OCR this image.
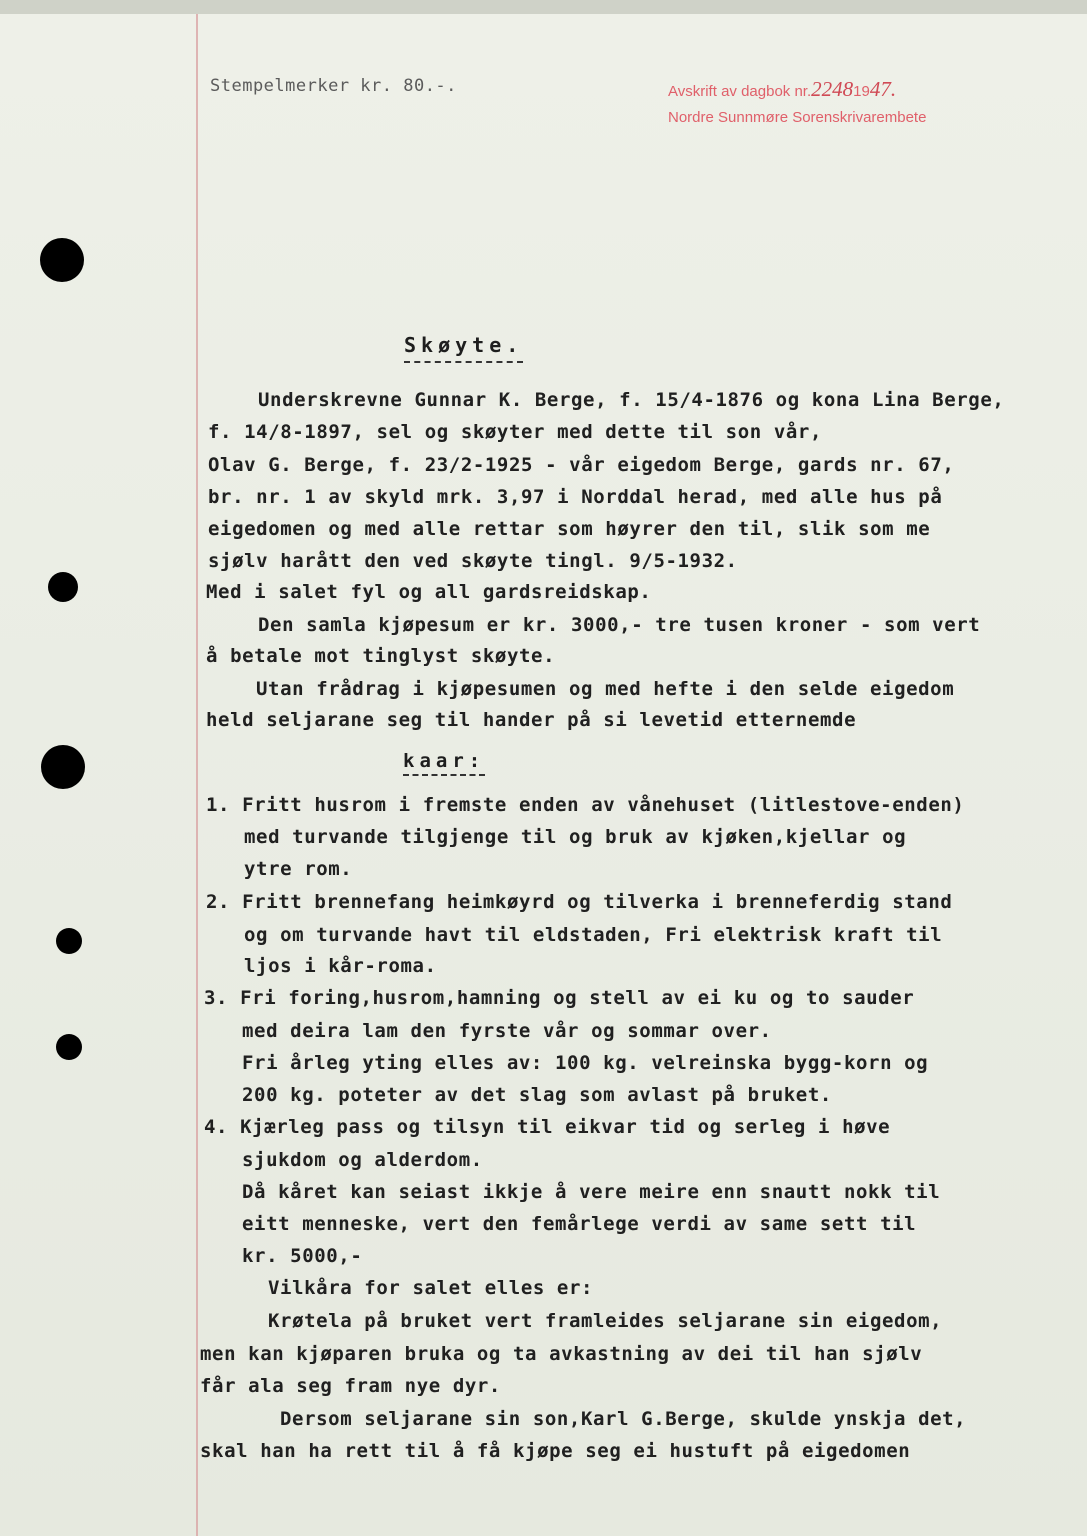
Stempelmerker kr. 80.-.	Avskrift av dagbok nr.22481947.
Nordre Sunnmøre Sorenskrivarembete
Skøyte.
Underskrevne Gunnar K. Berge, f. 15/4-1876 og kona Lina Berge,
f. 14/8-1897, sel og skøyter med dette til son vår,
Olav G. Berge, f. 23/2-1925 - vår eigedom Berge, gards nr. 67,
br. nr. 1 av skyld mrk. 3,97 i Norddal herad, med alle hus på
eigedomen og med alle rettar som høyrer den til, slik som me
sjølv harått den ved skøyte tingl. 9/5-1932.
Med i salet fyl og all gardsreidskap.
Den samla kjøpesum er kr. 3000,- tre tusen kroner - som vert
å betale mot tinglyst skøyte.
Utan frådrag i kjøpesumen og med hefte i den selde eigedom
held seljarane seg til hander på si levetid etternemde
kaar:
1. Fritt husrom i fremste enden av vånehuset (litlestove-enden)
med turvande tilgjenge til og bruk av kjøken,kjellar og
ytre rom.
2. Fritt brennefang heimkøyrd og tilverka i brenneferdig stand
og om turvande havt til eldstaden, Fri elektrisk kraft til
ljos i kår-roma.
3. Fri foring,husrom,hamning og stell av ei ku og to sauder
med deira lam den fyrste vår og sommar over.
Fri årleg yting elles av: 100 kg. velreinska bygg-korn og
200 kg. poteter av det slag som avlast på bruket.
4. Kjærleg pass og tilsyn til eikvar tid og serleg i høve
sjukdom og alderdom.
Då kåret kan seiast ikkje å vere meire enn snautt nokk til
eitt menneske, vert den femårlege verdi av same sett til
kr. 5000,-
Vilkåra for salet elles er:
Krøtela på bruket vert framleides seljarane sin eigedom,
men kan kjøparen bruka og ta avkastning av dei til han sjølv
får ala seg fram nye dyr.
Dersom seljarane sin son,Karl G.Berge, skulde ynskja det,
skal han ha rett til å få kjøpe seg ei hustuft på eigedomen
